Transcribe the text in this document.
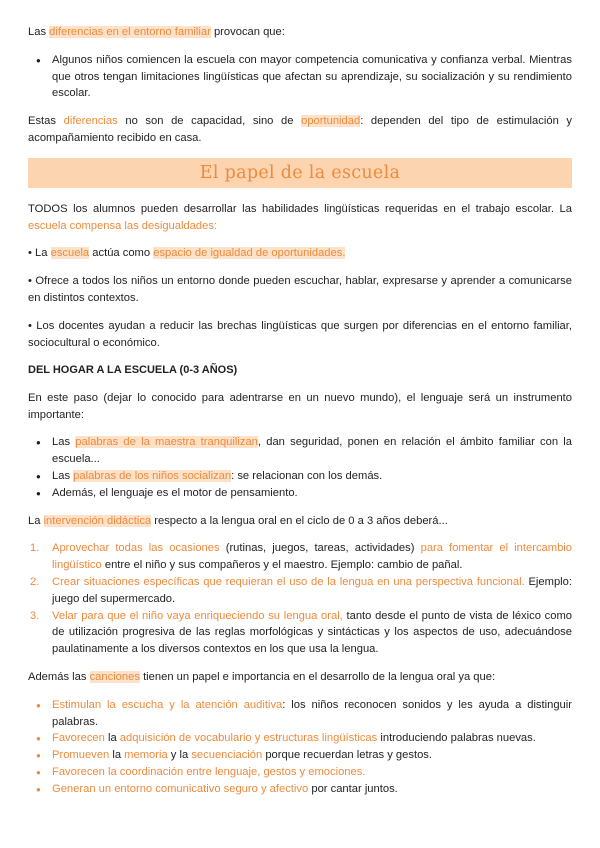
Las diferencias en el entorno familiar provocan que:

● Algunos niños comiencen la escuela con mayor competencia comunicativa y confianza verbal. Mientras que otros tengan limitaciones lingüísticas que afectan su aprendizaje, su socialización y su rendimiento escolar.

Estas diferencias no son de capacidad, sino de oportunidad: dependen del tipo de estimulación y acompañamiento recibido en casa.

El papel de la escuela

TODOS los alumnos pueden desarrollar las habilidades lingüísticas requeridas en el trabajo escolar. La escuela compensa las desigualdades:

• La escuela actúa como espacio de igualdad de oportunidades.

• Ofrece a todos los niños un entorno donde pueden escuchar, hablar, expresarse y aprender a comunicarse en distintos contextos.

• Los docentes ayudan a reducir las brechas lingüísticas que surgen por diferencias en el entorno familiar, sociocultural o económico.

DEL HOGAR A LA ESCUELA (0-3 AÑOS)

En este paso (dejar lo conocido para adentrarse en un nuevo mundo), el lenguaje será un instrumento importante:

● Las palabras de la maestra tranquilizan, dan seguridad, ponen en relación el ámbito familiar con la escuela...
● Las palabras de los niños socializan: se relacionan con los demás.
● Además, el lenguaje es el motor de pensamiento.

La intervención didáctica respecto a la lengua oral en el ciclo de 0 a 3 años deberá...

Aprovechar todas las ocasiones (rutinas, juegos, tareas, actividades) para fomentar el intercambio lingüístico entre el niño y sus compañeros y el maestro. Ejemplo: cambio de pañal.
Crear situaciones específicas que requieran el uso de la lengua en una perspectiva funcional. Ejemplo: juego del supermercado.
Velar para que el niño vaya enriqueciendo su lengua oral, tanto desde el punto de vista de léxico como de utilización progresiva de las reglas morfológicas y sintácticas y los aspectos de uso, adecuándose paulatinamente a los diversos contextos en los que usa la lengua.

Además las canciones tienen un papel e importancia en el desarrollo de la lengua oral ya que:

● Estimulan la escucha y la atención auditiva: los niños reconocen sonidos y les ayuda a distinguir palabras.
● Favorecen la adquisición de vocabulario y estructuras lingüísticas introduciendo palabras nuevas.
● Promueven la memoria y la secuenciación porque recuerdan letras y gestos.
● Favorecen la coordinación entre lenguaje, gestos y emociones.
● Generan un entorno comunicativo seguro y afectivo por cantar juntos.
